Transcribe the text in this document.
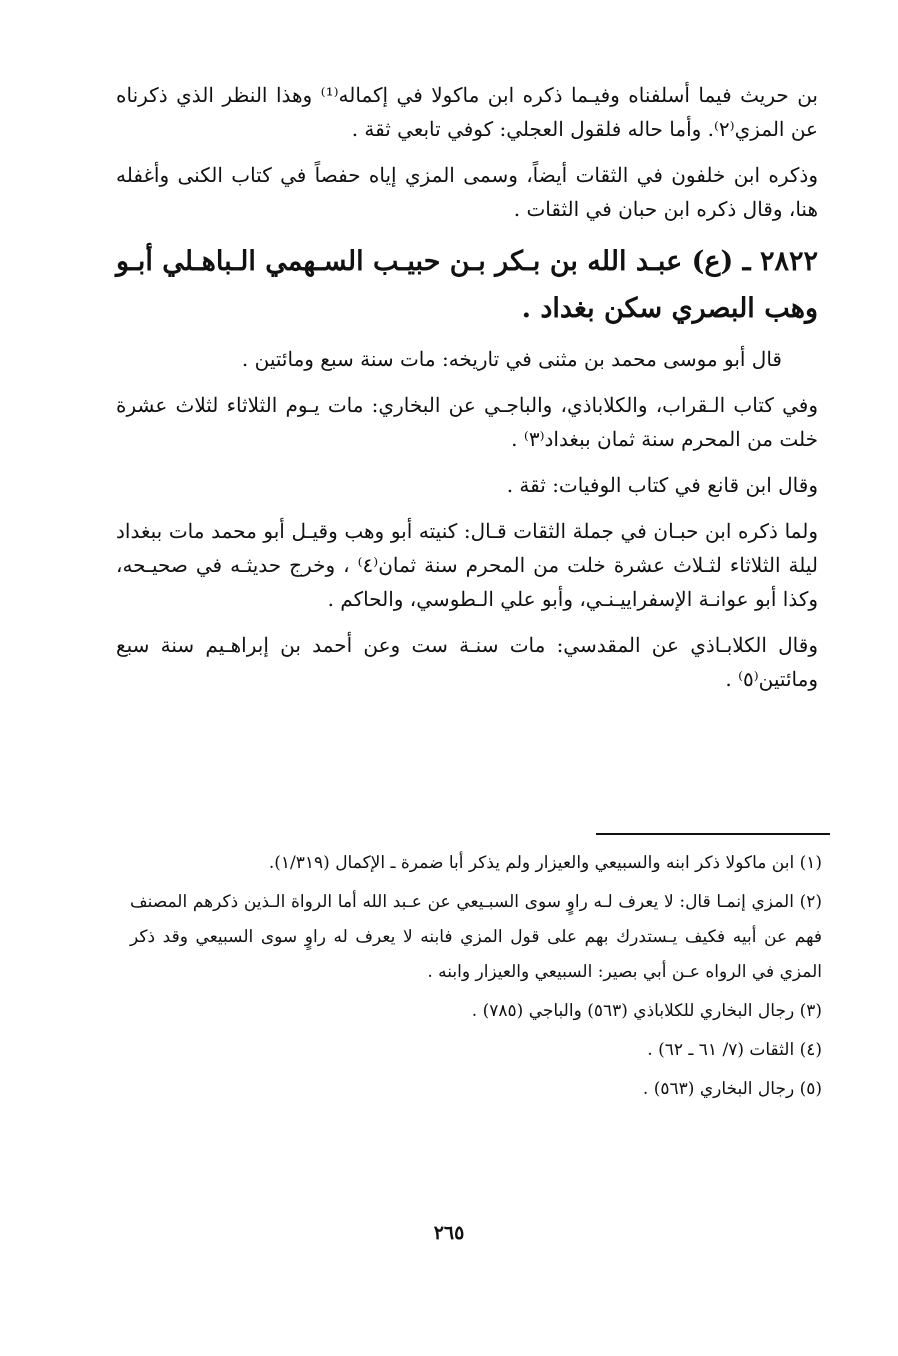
بن حريث فيما أسلفناه وفيـما ذكره ابن ماكولا في إكماله⁽¹⁾ وهذا النظر الذي ذكرناه عن المزي⁽٢⁾. وأما حاله فلقول العجلي: كوفي تابعي ثقة .

وذكره ابن خلفون في الثقات أيضاً، وسمى المزي إياه حفصاً في كتاب الكنى وأغفله هنا، وقال ذكره ابن حبان في الثقات .

٢٨٢٢ ـ (ع) عبـد الله بن بـكر بـن حبيـب السـهمي الـباهـلي أبـو وهب البصري سكن بغداد .

قال أبو موسى محمد بن مثنى في تاريخه: مات سنة سبع ومائتين .

وفي كتاب الـقراب، والكلاباذي، والباجـي عن البخاري: مات يـوم الثلاثاء لثلاث عشرة خلت من المحرم سنة ثمان ببغداد⁽٣⁾ .

وقال ابن قانع في كتاب الوفيات: ثقة .

ولما ذكره ابن حبـان في جملة الثقات قـال: كنيته أبو وهب وقيـل أبو محمد مات ببغداد ليلة الثلاثاء لثـلاث عشرة خلت من المحرم سنة ثمان⁽٤⁾ ، وخرج حديثـه في صحيـحه، وكذا أبو عوانـة الإسفراييـنـي، وأبو علي الـطوسي، والحاكم .

وقال الكلابـاذي عن المقدسي: مات سنـة ست وعن أحمد بن إبراهـيم سنة سبع ومائتين⁽٥⁾ .

(١) ابن ماكولا ذكر ابنه والسبيعي والعيزار ولم يذكر أبا ضمرة ـ الإكمال (١/٣١٩).

(٢) المزي إنمـا قال: لا يعرف لـه راوٍ سوى السبـيعي عن عـبد الله أما الرواة الـذين ذكرهم المصنف فهم عن أبيه فكيف يـستدرك بهم على قول المزي فابنه لا يعرف له راوٍ سوى السبيعي وقد ذكر المزي في الرواه عـن أبي بصير: السبيعي والعيزار وابنه .

(٣) رجال البخاري للكلاباذي (٥٦٣) والباجي (٧٨٥) .

(٤) الثقات (٧/ ٦١ ـ ٦٢) .

(٥) رجال البخاري (٥٦٣) .

٢٦٥
